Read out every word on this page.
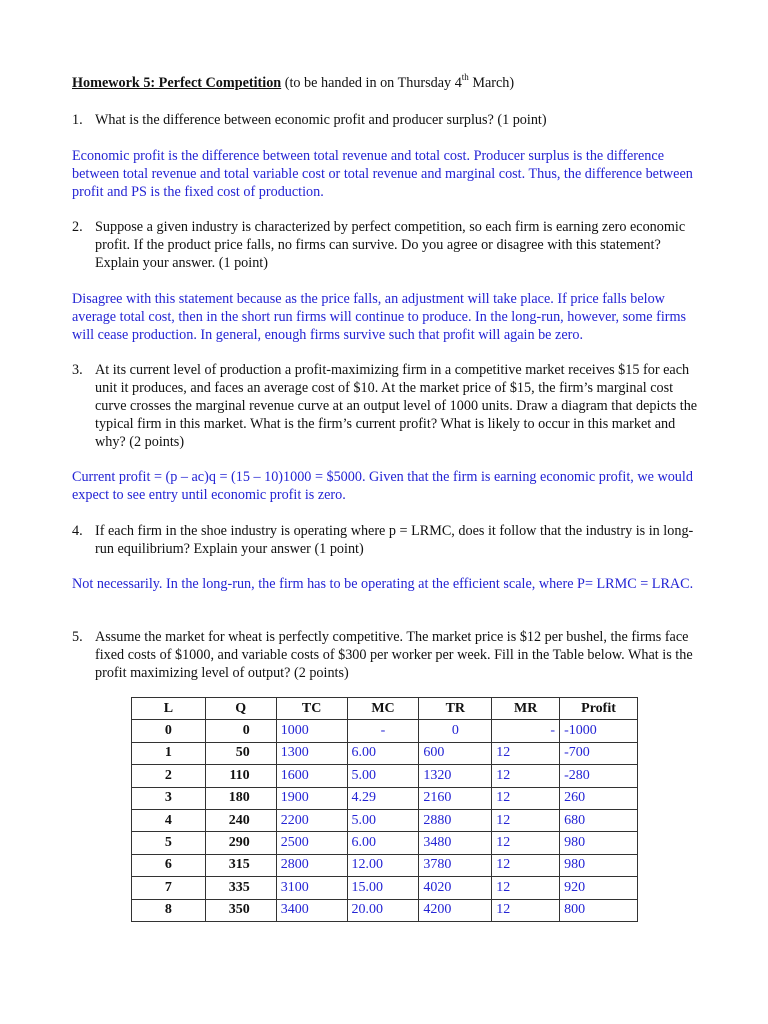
Homework 5: Perfect Competition (to be handed in on Thursday 4th March)
1. What is the difference between economic profit and producer surplus? (1 point)
Economic profit is the difference between total revenue and total cost. Producer surplus is the difference between total revenue and total variable cost or total revenue and marginal cost. Thus, the difference between profit and PS is the fixed cost of production.
2. Suppose a given industry is characterized by perfect competition, so each firm is earning zero economic profit. If the product price falls, no firms can survive. Do you agree or disagree with this statement? Explain your answer. (1 point)
Disagree with this statement because as the price falls, an adjustment will take place. If price falls below average total cost, then in the short run firms will continue to produce. In the long-run, however, some firms will cease production. In general, enough firms survive such that profit will again be zero.
3. At its current level of production a profit-maximizing firm in a competitive market receives $15 for each unit it produces, and faces an average cost of $10. At the market price of $15, the firm’s marginal cost curve crosses the marginal revenue curve at an output level of 1000 units. Draw a diagram that depicts the typical firm in this market. What is the firm’s current profit? What is likely to occur in this market and why? (2 points)
Current profit = (p – ac)q = (15 – 10)1000 = $5000. Given that the firm is earning economic profit, we would expect to see entry until economic profit is zero.
4. If each firm in the shoe industry is operating where p = LRMC, does it follow that the industry is in long-run equilibrium? Explain your answer (1 point)
Not necessarily. In the long-run, the firm has to be operating at the efficient scale, where P= LRMC = LRAC.
5. Assume the market for wheat is perfectly competitive. The market price is $12 per bushel, the firms face fixed costs of $1000, and variable costs of $300 per worker per week. Fill in the Table below. What is the profit maximizing level of output? (2 points)
L	Q	TC	MC	TR	MR	Profit
0	0	1000	-	0	-	-1000
1	50	1300	6.00	600	12	-700
2	110	1600	5.00	1320	12	-280
3	180	1900	4.29	2160	12	260
4	240	2200	5.00	2880	12	680
5	290	2500	6.00	3480	12	980
6	315	2800	12.00	3780	12	980
7	335	3100	15.00	4020	12	920
8	350	3400	20.00	4200	12	800
